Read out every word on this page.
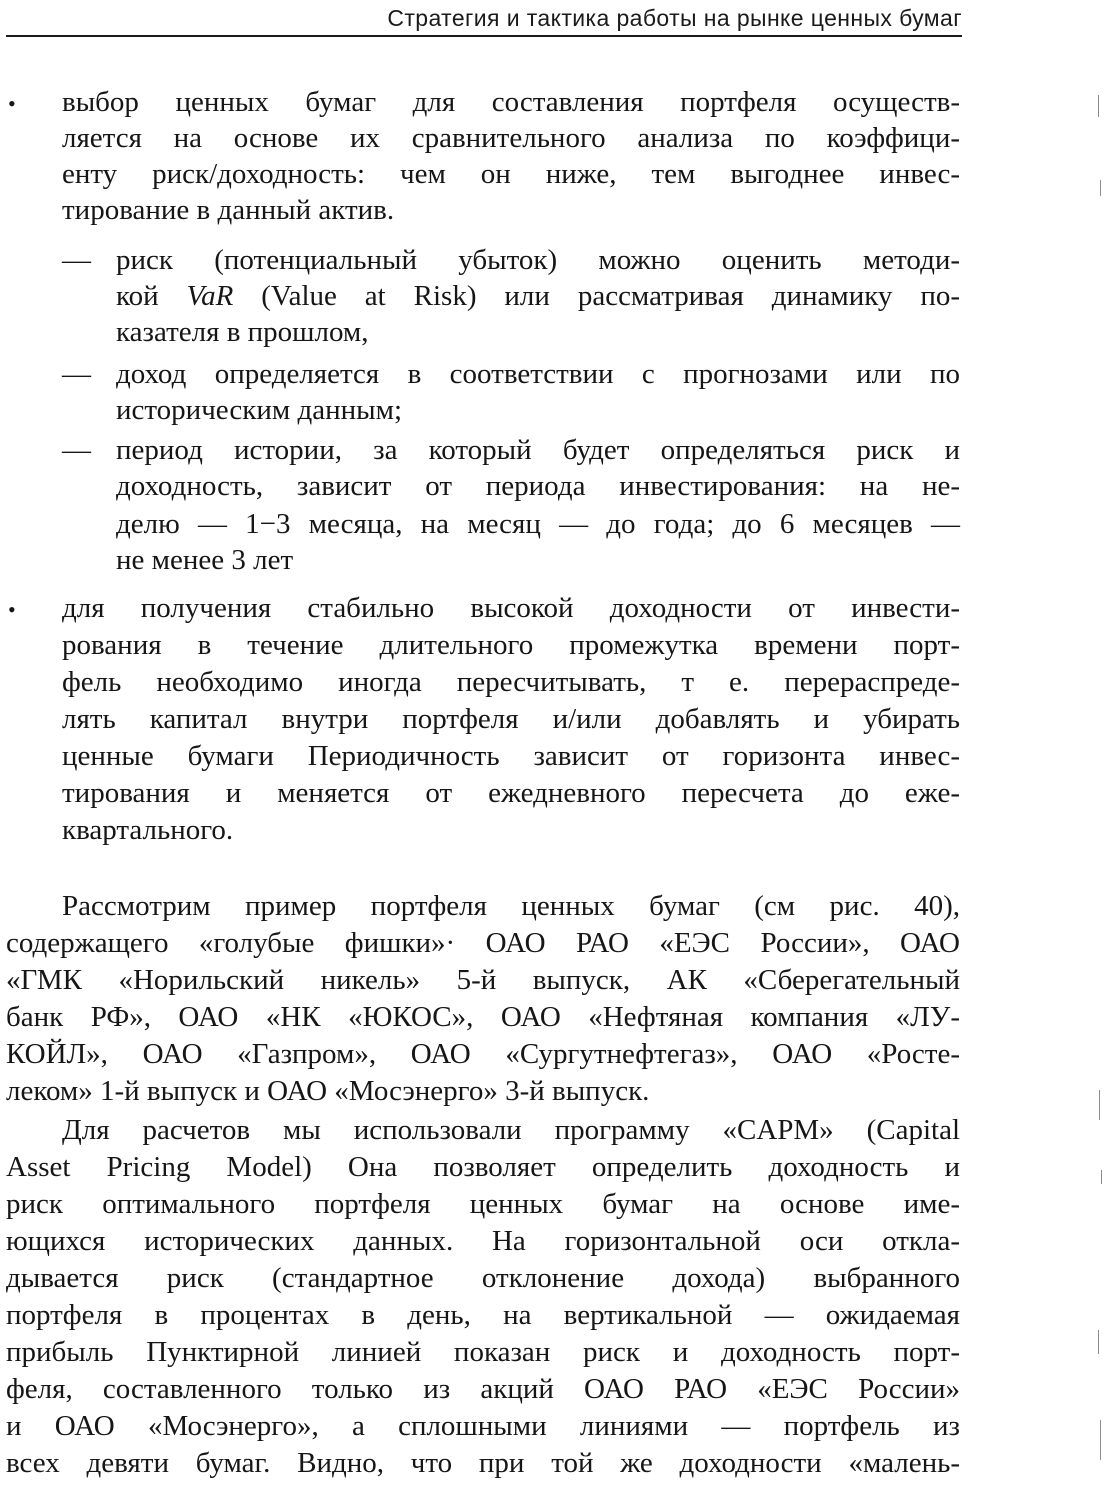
Стратегия и тактика работы на рынке ценных бумаг
• выбор ценных бумаг для составления портфеля осуществ-
ляется на основе их сравнительного анализа по коэффици-
енту риск/доходность: чем он ниже, тем выгоднее инвес-
тирование в данный актив.
— риск (потенциальный убыток) можно оценить методи-
кой VaR (Value at Risk) или рассматривая динамику по-
казателя в прошлом,
— доход определяется в соответствии с прогнозами или по
историческим данным;
— период истории, за который будет определяться риск и
доходность, зависит от периода инвестирования: на не-
делю — 1−3 месяца, на месяц — до года; до 6 месяцев —
не менее 3 лет
• для получения стабильно высокой доходности от инвести-
рования в течение длительного промежутка времени порт-
фель необходимо иногда пересчитывать, т е. перераспреде-
лять капитал внутри портфеля и/или добавлять и убирать
ценные бумаги Периодичность зависит от горизонта инвес-
тирования и меняется от ежедневного пересчета до еже-
квартального.
Рассмотрим пример портфеля ценных бумаг (см рис. 40),
содержащего «голубые фишки»· ОАО РАО «ЕЭС России», ОАО
«ГМК «Норильский никель» 5-й выпуск, АК «Сберегательный
банк РФ», ОАО «НК «ЮКОС», ОАО «Нефтяная компания «ЛУ-
КОЙЛ», ОАО «Газпром», ОАО «Сургутнефтегаз», ОАО «Ростe-
леком» 1-й выпуск и ОАО «Мосэнерго» 3-й выпуск.
Для расчетов мы использовали программу «CAPM» (Capital
Asset Pricing Model) Она позволяет определить доходность и
риск оптимального портфеля ценных бумаг на основе име-
ющихся исторических данных. На горизонтальной оси откла-
дывается риск (стандартное отклонение дохода) выбранного
портфеля в процентах в день, на вертикальной — ожидаемая
прибыль Пунктирной линией показан риск и доходность порт-
феля, составленного только из акций ОАО РАО «ЕЭС России»
и ОАО «Мосэнерго», а сплошными линиями — портфель из
всех девяти бумаг. Видно, что при той же доходности «малень-
